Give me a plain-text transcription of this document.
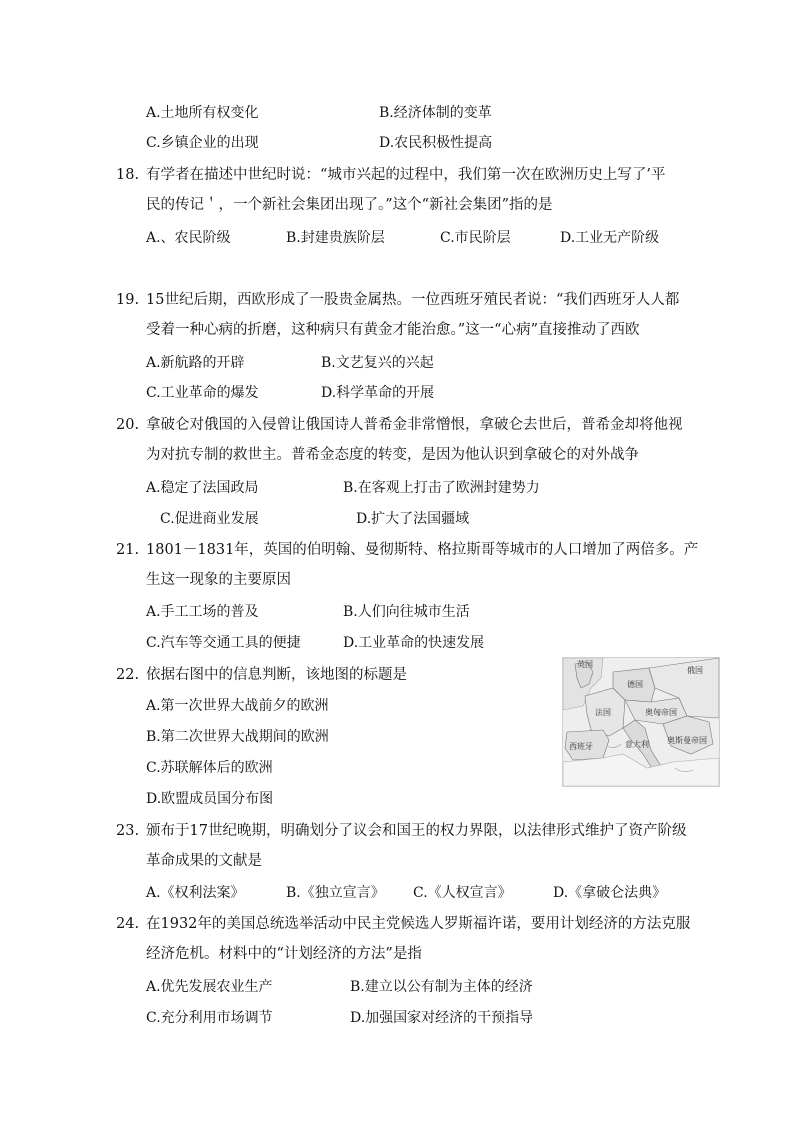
A.土地所有权变化	B.经济体制的变革
C.乡镇企业的出现	D.农民积极性提高
18. 有学者在描述中世纪时说：“城市兴起的过程中，我们第一次在欧洲历史上写了’平
民的传记＇，一个新社会集团出现了。”这个“新社会集团”指的是
A.、农民阶级	B.封建贵族阶层	C.市民阶层	D.工业无产阶级
19. 15世纪后期，西欧形成了一股贵金属热。一位西班牙殖民者说：“我们西班牙人人都
受着一种心病的折磨，这种病只有黄金才能治愈。”这一“心病”直接推动了西欧
A.新航路的开辟	B.文艺复兴的兴起
C.工业革命的爆发	D.科学革命的开展
20. 拿破仑对俄国的入侵曾让俄国诗人普希金非常憎恨，拿破仑去世后，普希金却将他视
为对抗专制的救世主。普希金态度的转变，是因为他认识到拿破仑的对外战争
A.稳定了法国政局	B.在客观上打击了欧洲封建势力
C.促进商业发展	D.扩大了法国疆域
21. 1801－1831年，英国的伯明翰、曼彻斯特、格拉斯哥等城市的人口增加了两倍多。产
生这一现象的主要原因
A.手工工场的普及	B.人们向往城市生活
C.汽车等交通工具的便捷	D.工业革命的快速发展
22. 依据右图中的信息判断，该地图的标题是
A.第一次世界大战前夕的欧洲
B.第二次世界大战期间的欧洲
C.苏联解体后的欧洲
D.欧盟成员国分布图
英国
俄国
德国
法国	奥匈帝国
西班牙	意大利 奥斯曼帝国
23. 颁布于17世纪晚期，明确划分了议会和国王的权力界限，以法律形式维护了资产阶级
革命成果的文献是
A.《权利法案》	B.《独立宣言》 C.《人权宣言》	D.《拿破仑法典》
24. 在1932年的美国总统选举活动中民主党候选人罗斯福许诺，要用计划经济的方法克服
经济危机。材料中的“计划经济的方法”是指
A.优先发展农业生产	B.建立以公有制为主体的经济
C.充分利用市场调节	D.加强国家对经济的干预指导
